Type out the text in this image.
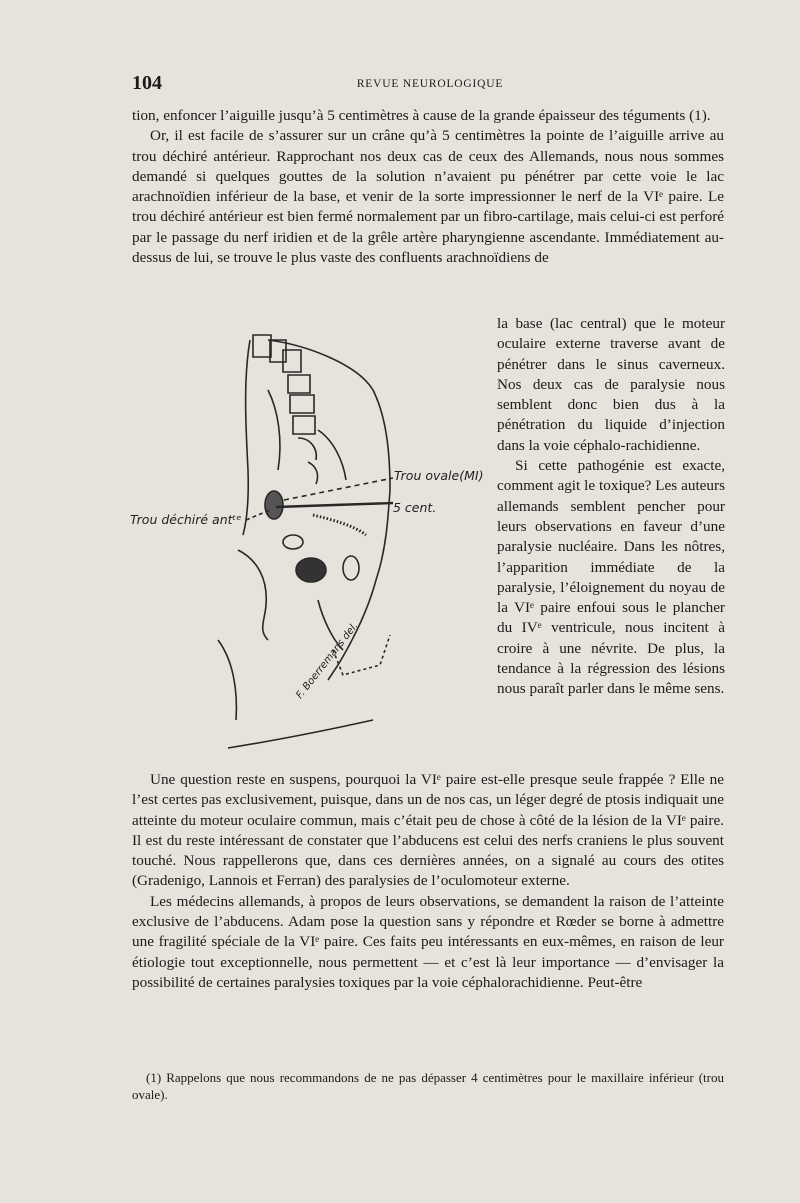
104	REVUE NEUROLOGIQUE

tion, enfoncer l’aiguille jusqu’à 5 centimètres à cause de la grande épaisseur des téguments (1).

Or, il est facile de s’assurer sur un crâne qu’à 5 centimètres la pointe de l’aiguille arrive au trou déchiré antérieur. Rapprochant nos deux cas de ceux des Allemands, nous nous sommes demandé si quelques gouttes de la solution n’avaient pu pénétrer par cette voie le lac arachnoïdien inférieur de la base, et venir de la sorte impressionner le nerf de la VIᵉ paire. Le trou déchiré antérieur est bien fermé normalement par un fibro-cartilage, mais celui-ci est perforé par le passage du nerf iridien et de la grêle artère pharyngienne ascendante. Immédiatement au-dessus de lui, se trouve le plus vaste des confluents arachnoïdiens de

Trou ovale(MI)
5 cent.
Trou déchiré antᵗᵉ
F. Boerremans del.

la base (lac central) que le moteur oculaire externe traverse avant de pénétrer dans le sinus caverneux. Nos deux cas de paralysie nous semblent donc bien dus à la pénétration du liquide d’injection dans la voie céphalo-rachidienne.

Si cette pathogénie est exacte, comment agit le toxique? Les auteurs allemands semblent pencher pour leurs observations en faveur d’une paralysie nucléaire. Dans les nôtres, l’apparition immédiate de la paralysie, l’éloignement du noyau de la VIᵉ paire enfoui sous le plancher du IVᵉ ventricule, nous incitent à croire à une névrite. De plus, la tendance à la régression des lésions nous paraît parler dans le même sens.

Une question reste en suspens, pourquoi la VIᵉ paire est-elle presque seule frappée ? Elle ne l’est certes pas exclusivement, puisque, dans un de nos cas, un léger degré de ptosis indiquait une atteinte du moteur oculaire commun, mais c’était peu de chose à côté de la lésion de la VIᵉ paire. Il est du reste intéressant de constater que l’abducens est celui des nerfs craniens le plus souvent touché. Nous rappellerons que, dans ces dernières années, on a signalé au cours des otites (Gradenigo, Lannois et Ferran) des paralysies de l’oculomoteur externe.

Les médecins allemands, à propos de leurs observations, se demandent la raison de l’atteinte exclusive de l’abducens. Adam pose la question sans y répondre et Rœder se borne à admettre une fragilité spéciale de la VIᵉ paire. Ces faits peu intéressants en eux-mêmes, en raison de leur étiologie tout exceptionnelle, nous permettent — et c’est là leur importance — d’envisager la possibilité de certaines paralysies toxiques par la voie céphalorachidienne. Peut-être

(1) Rappelons que nous recommandons de ne pas dépasser 4 centimètres pour le maxillaire inférieur (trou ovale).
